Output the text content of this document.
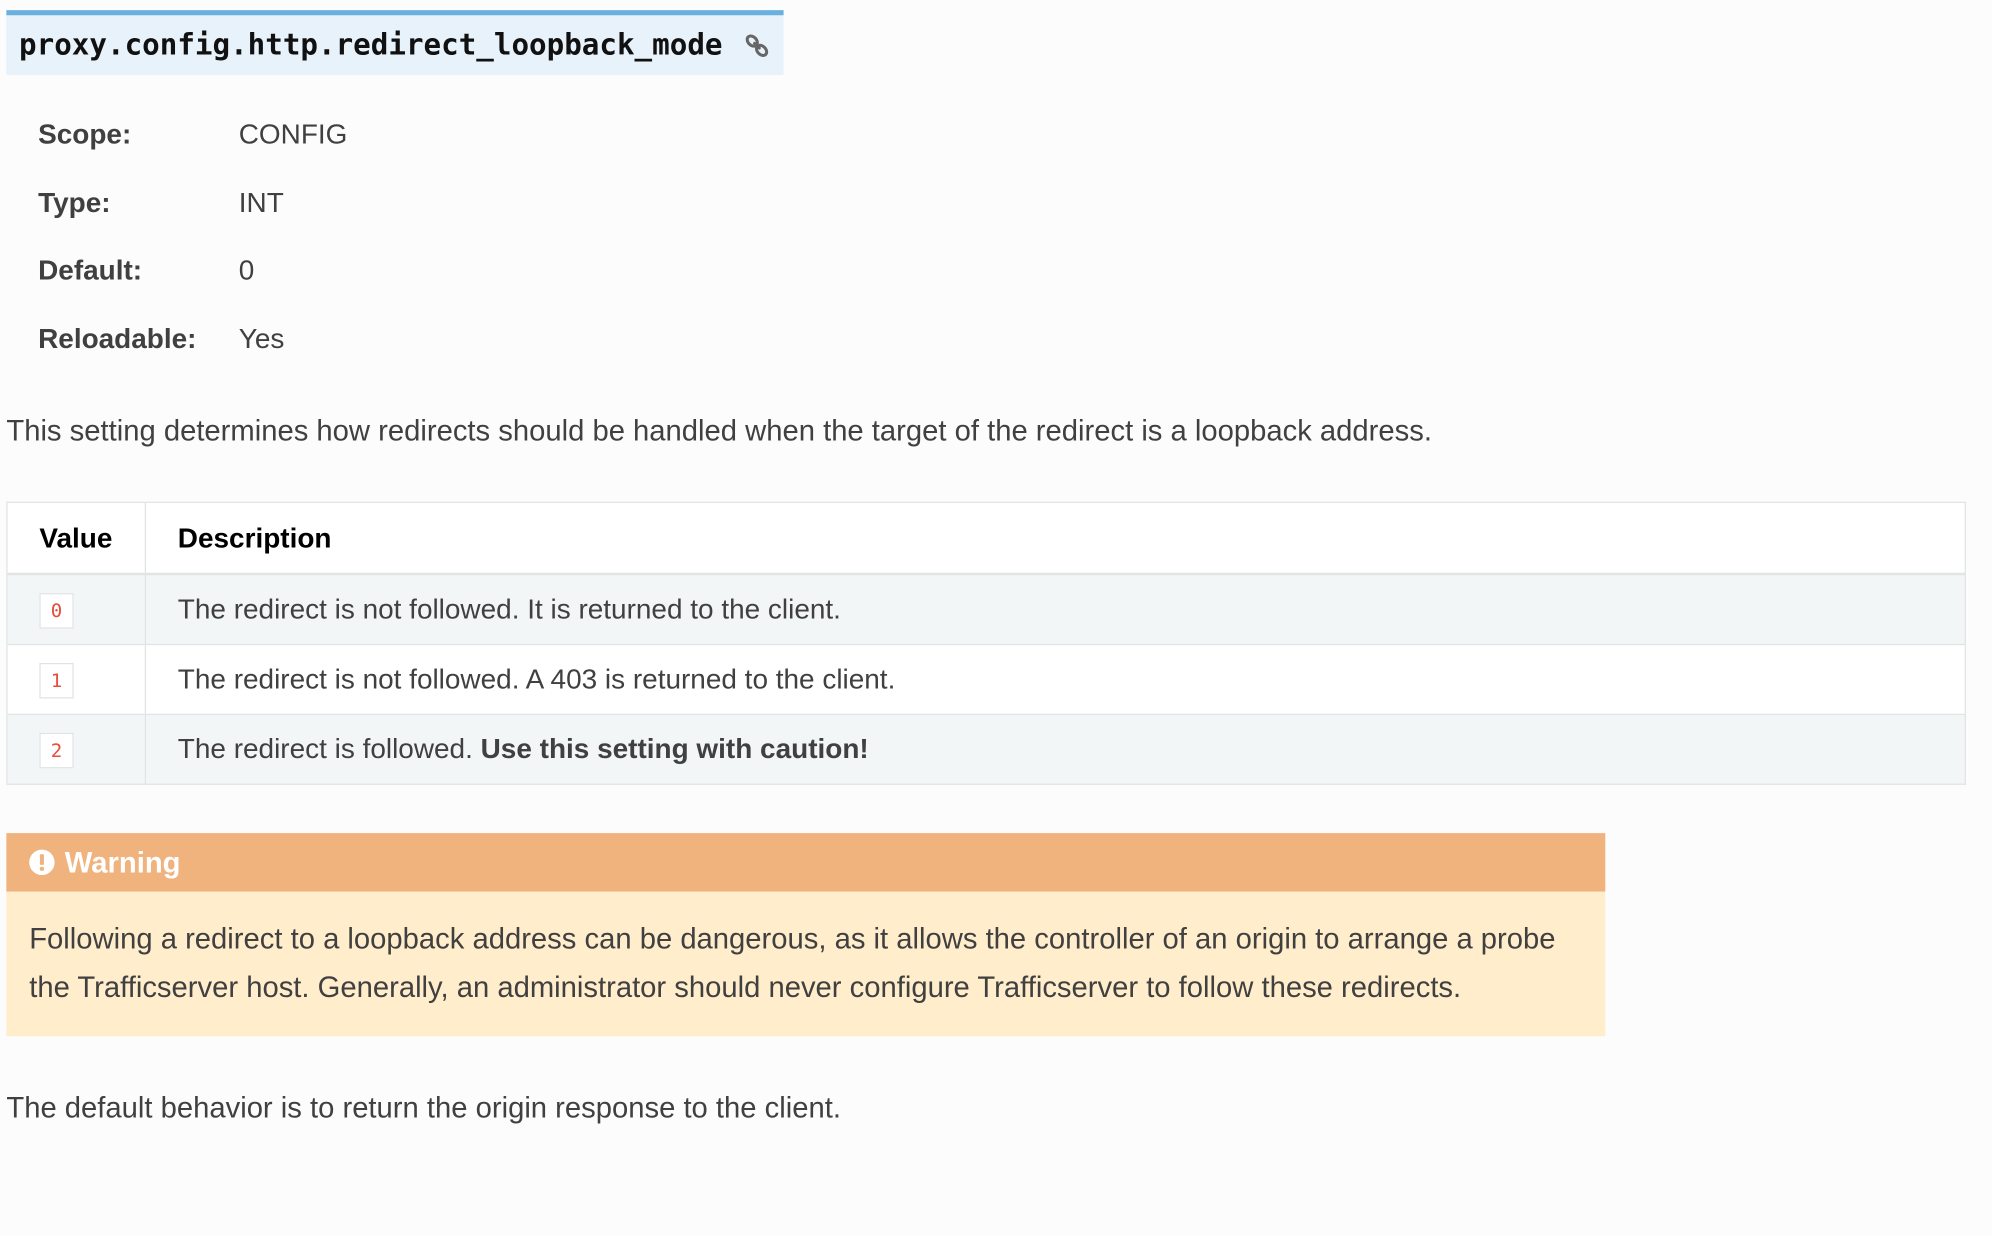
proxy.config.http.redirect_loopback_mode
Scope:	CONFIG
Type:	INT
Default:	0
Reloadable:	Yes
This setting determines how redirects should be handled when the target of the redirect is a loopback address.
Value	Description
0	The redirect is not followed. It is returned to the client.
1	The redirect is not followed. A 403 is returned to the client.
2	The redirect is followed. Use this setting with caution!
Warning
Following a redirect to a loopback address can be dangerous, as it allows the controller of an origin to arrange a probe the Trafficserver host. Generally, an administrator should never configure Trafficserver to follow these redirects.
The default behavior is to return the origin response to the client.
